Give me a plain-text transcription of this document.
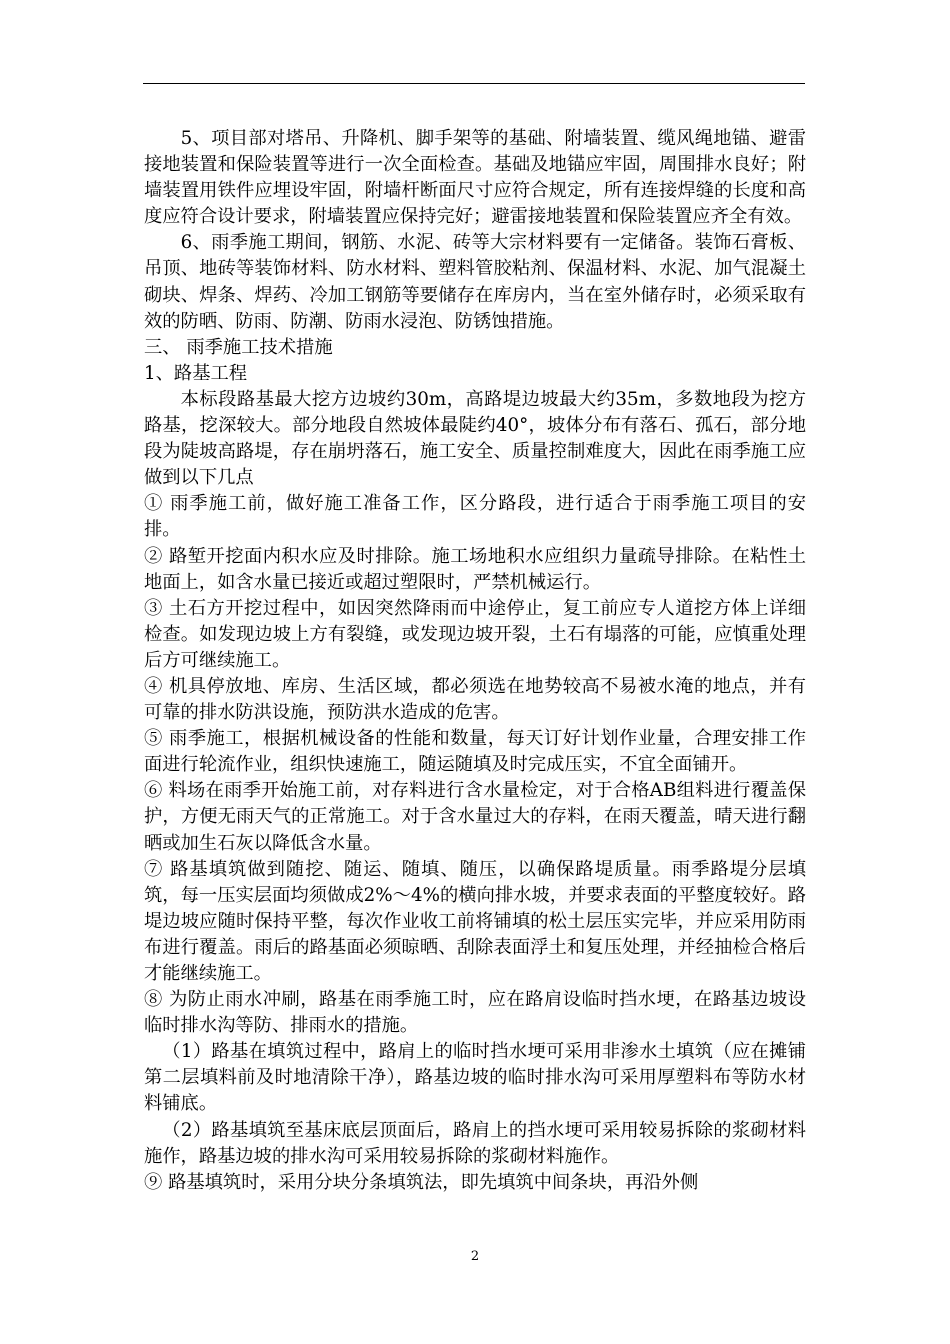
5、项目部对塔吊、升降机、脚手架等的基础、附墙装置、缆风绳地锚、避雷接地装置和保险装置等进行一次全面检查。基础及地锚应牢固，周围排水良好；附墙装置用铁件应埋设牢固，附墙杆断面尺寸应符合规定，所有连接焊缝的长度和高度应符合设计要求，附墙装置应保持完好；避雷接地装置和保险装置应齐全有效。

6、雨季施工期间，钢筋、水泥、砖等大宗材料要有一定储备。装饰石膏板、吊顶、地砖等装饰材料、防水材料、塑料管胶粘剂、保温材料、水泥、加气混凝土砌块、焊条、焊药、冷加工钢筋等要储存在库房内，当在室外储存时，必须采取有效的防晒、防雨、防潮、防雨水浸泡、防锈蚀措施。

三、 雨季施工技术措施

1、路基工程

本标段路基最大挖方边坡约30m，高路堤边坡最大约35m，多数地段为挖方路基，挖深较大。部分地段自然坡体最陡约40°，坡体分布有落石、孤石，部分地段为陡坡高路堤，存在崩坍落石，施工安全、质量控制难度大，因此在雨季施工应做到以下几点

① 雨季施工前，做好施工准备工作，区分路段，进行适合于雨季施工项目的安排。

② 路堑开挖面内积水应及时排除。施工场地积水应组织力量疏导排除。在粘性土地面上，如含水量已接近或超过塑限时，严禁机械运行。

③ 土石方开挖过程中，如因突然降雨而中途停止，复工前应专人道挖方体上详细检查。如发现边坡上方有裂缝，或发现边坡开裂，土石有塌落的可能，应慎重处理后方可继续施工。

④ 机具停放地、库房、生活区域，都必须选在地势较高不易被水淹的地点，并有可靠的排水防洪设施，预防洪水造成的危害。

⑤ 雨季施工，根据机械设备的性能和数量，每天订好计划作业量，合理安排工作面进行轮流作业，组织快速施工，随运随填及时完成压实，不宜全面铺开。

⑥ 料场在雨季开始施工前，对存料进行含水量检定，对于合格AB组料进行覆盖保护，方便无雨天气的正常施工。对于含水量过大的存料，在雨天覆盖，晴天进行翻晒或加生石灰以降低含水量。

⑦ 路基填筑做到随挖、随运、随填、随压，以确保路堤质量。雨季路堤分层填筑，每一压实层面均须做成2%～4%的横向排水坡，并要求表面的平整度较好。路堤边坡应随时保持平整，每次作业收工前将铺填的松土层压实完毕，并应采用防雨布进行覆盖。雨后的路基面必须晾晒、刮除表面浮土和复压处理，并经抽检合格后才能继续施工。

⑧ 为防止雨水冲刷，路基在雨季施工时，应在路肩设临时挡水埂，在路基边坡设临时排水沟等防、排雨水的措施。

（1）路基在填筑过程中，路肩上的临时挡水埂可采用非渗水土填筑（应在摊铺第二层填料前及时地清除干净），路基边坡的临时排水沟可采用厚塑料布等防水材料铺底。

（2）路基填筑至基床底层顶面后，路肩上的挡水埂可采用较易拆除的浆砌材料施作，路基边坡的排水沟可采用较易拆除的浆砌材料施作。

⑨ 路基填筑时，采用分块分条填筑法，即先填筑中间条块，再沿外侧

2
